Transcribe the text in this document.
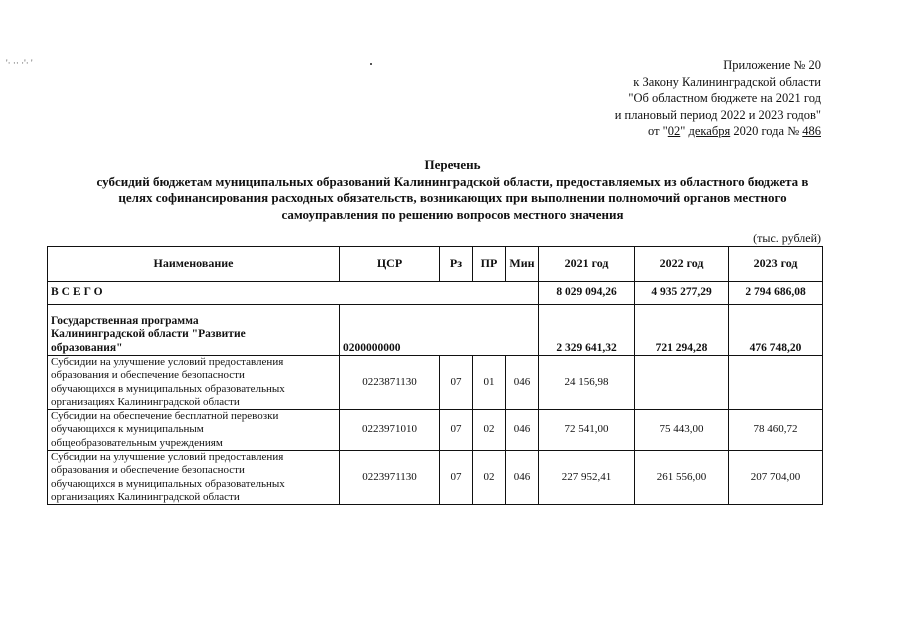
'· ·· ·'· '	Приложение № 20
к Закону Калининградской области
"Об областном бюджете на 2021 год
и плановый период 2022 и 2023 годов"
от "02" декабря 2020 года № 486
Перечень
субсидий бюджетам муниципальных образований Калининградской области, предоставляемых из областного бюджета в
целях софинансирования расходных обязательств, возникающих при выполнении полномочий органов местного
самоуправления по решению вопросов местного значения
(тыс. рублей)
Наименование	ЦСР	Рз	ПР	Мин	2021 год	2022 год	2023 год
ВСЕГО					8 029 094,26	4 935 277,29	2 794 686,08

Государственная программа
Калининградской области "Развитие
образования"	0200000000				2 329 641,32	721 294,28	476 748,20

Субсидии на улучшение условий предоставления
образования и обеспечение безопасности
обучающихся в муниципальных образовательных
организациях Калининградской области	0223871130	07	01	046	24 156,98		

Субсидии на обеспечение бесплатной перевозки
обучающихся к муниципальным
общеобразовательным учреждениям	0223971010	07	02	046	72 541,00	75 443,00	78 460,72

Субсидии на улучшение условий предоставления
образования и обеспечение безопасности
обучающихся в муниципальных образовательных
организациях Калининградской области	0223971130	07	02	046	227 952,41	261 556,00	207 704,00
